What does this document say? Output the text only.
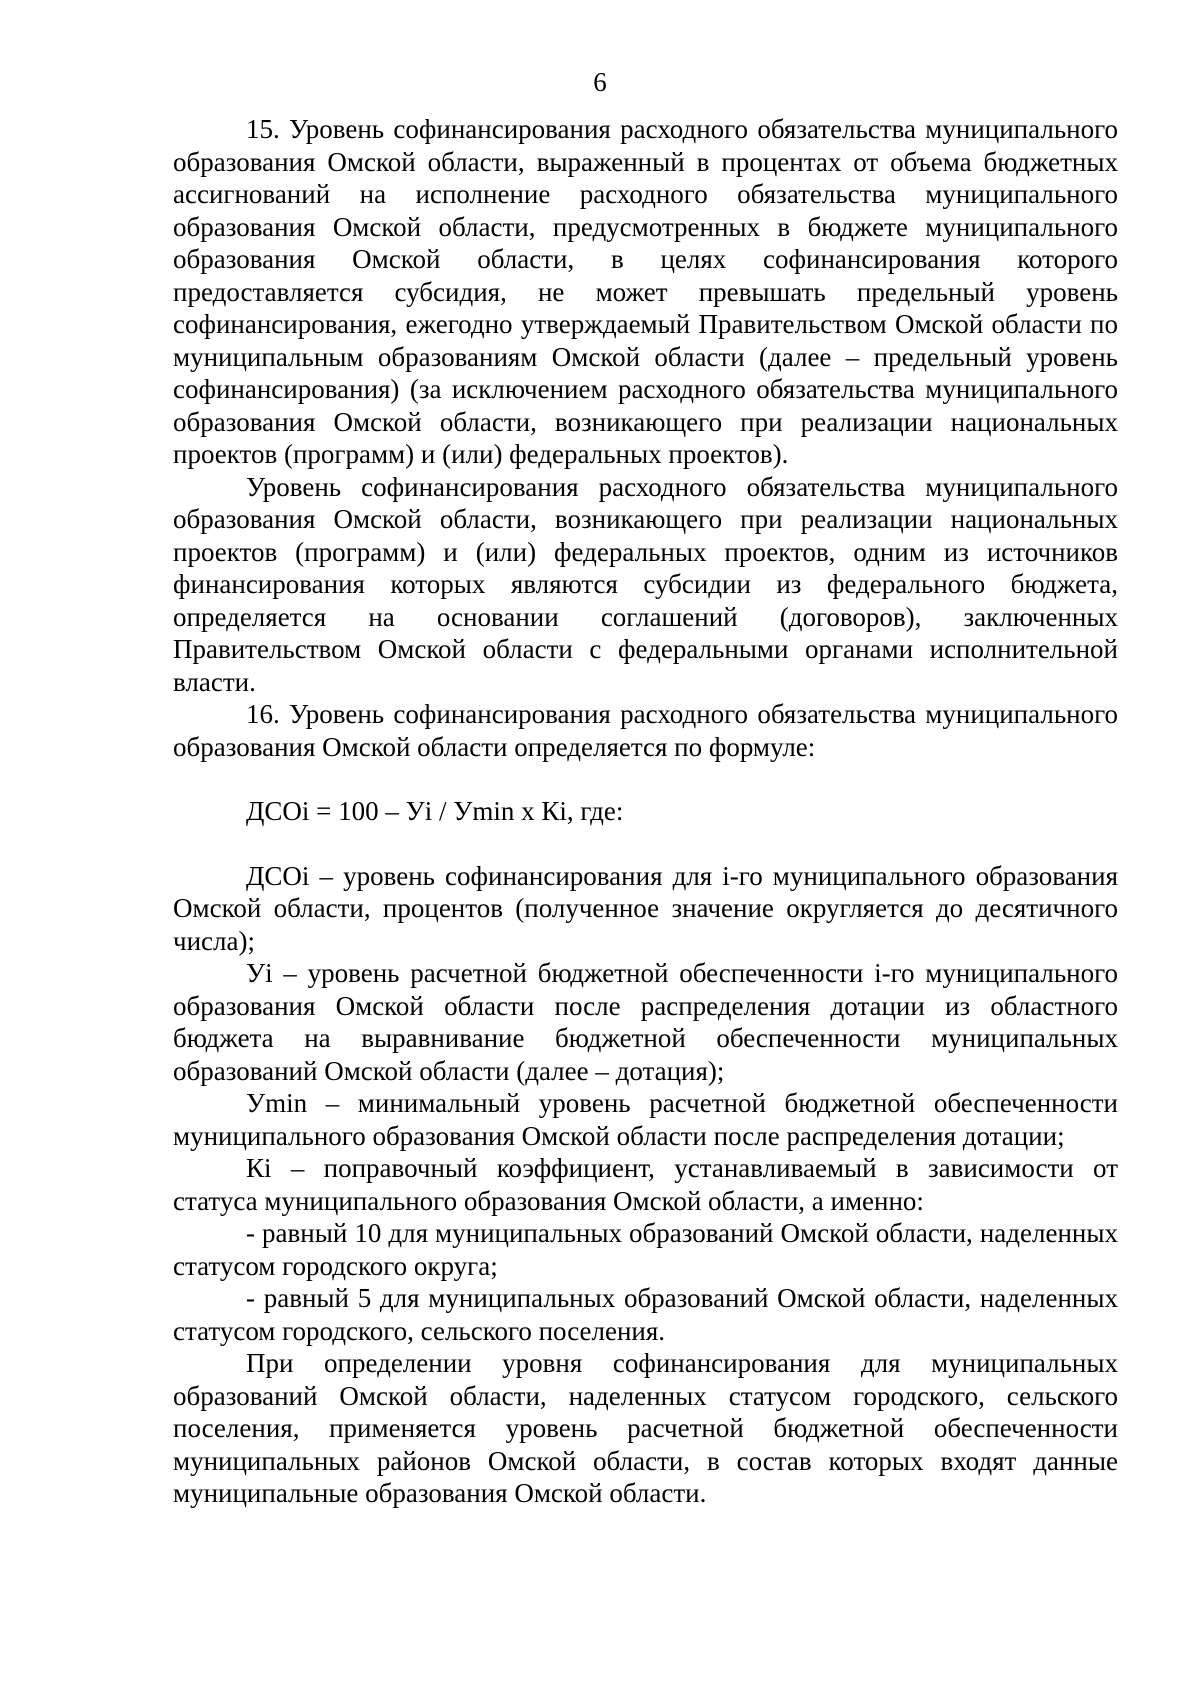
6

15. Уровень софинансирования расходного обязательства муниципального образования Омской области, выраженный в процентах от объема бюджетных ассигнований на исполнение расходного обязательства муниципального образования Омской области, предусмотренных в бюджете муниципального образования Омской области, в целях софинансирования которого предоставляется субсидия, не может превышать предельный уровень софинансирования, ежегодно утверждаемый Правительством Омской области по муниципальным образованиям Омской области (далее – предельный уровень софинансирования) (за исключением расходного обязательства муниципального образования Омской области, возникающего при реализации национальных проектов (программ) и (или) федеральных проектов).

Уровень софинансирования расходного обязательства муниципального образования Омской области, возникающего при реализации национальных проектов (программ) и (или) федеральных проектов, одним из источников финансирования которых являются субсидии из федерального бюджета, определяется на основании соглашений (договоров), заключенных Правительством Омской области с федеральными органами исполнительной власти.

16. Уровень софинансирования расходного обязательства муниципального образования Омской области определяется по формуле:

ДСОi = 100 – Уi / Уmin x Кi, где:

ДСОi – уровень софинансирования для i-го муниципального образования Омской области, процентов (полученное значение округляется до десятичного числа);

Уi – уровень расчетной бюджетной обеспеченности i-го муниципального образования Омской области после распределения дотации из областного бюджета на выравнивание бюджетной обеспеченности муниципальных образований Омской области (далее – дотация);

Уmin – минимальный уровень расчетной бюджетной обеспеченности муниципального образования Омской области после распределения дотации;

Кi – поправочный коэффициент, устанавливаемый в зависимости от статуса муниципального образования Омской области, а именно:

- равный 10 для муниципальных образований Омской области, наделенных статусом городского округа;

- равный 5 для муниципальных образований Омской области, наделенных статусом городского, сельского поселения.

При определении уровня софинансирования для муниципальных образований Омской области, наделенных статусом городского, сельского поселения, применяется уровень расчетной бюджетной обеспеченности муниципальных районов Омской области, в состав которых входят данные муниципальные образования Омской области.
